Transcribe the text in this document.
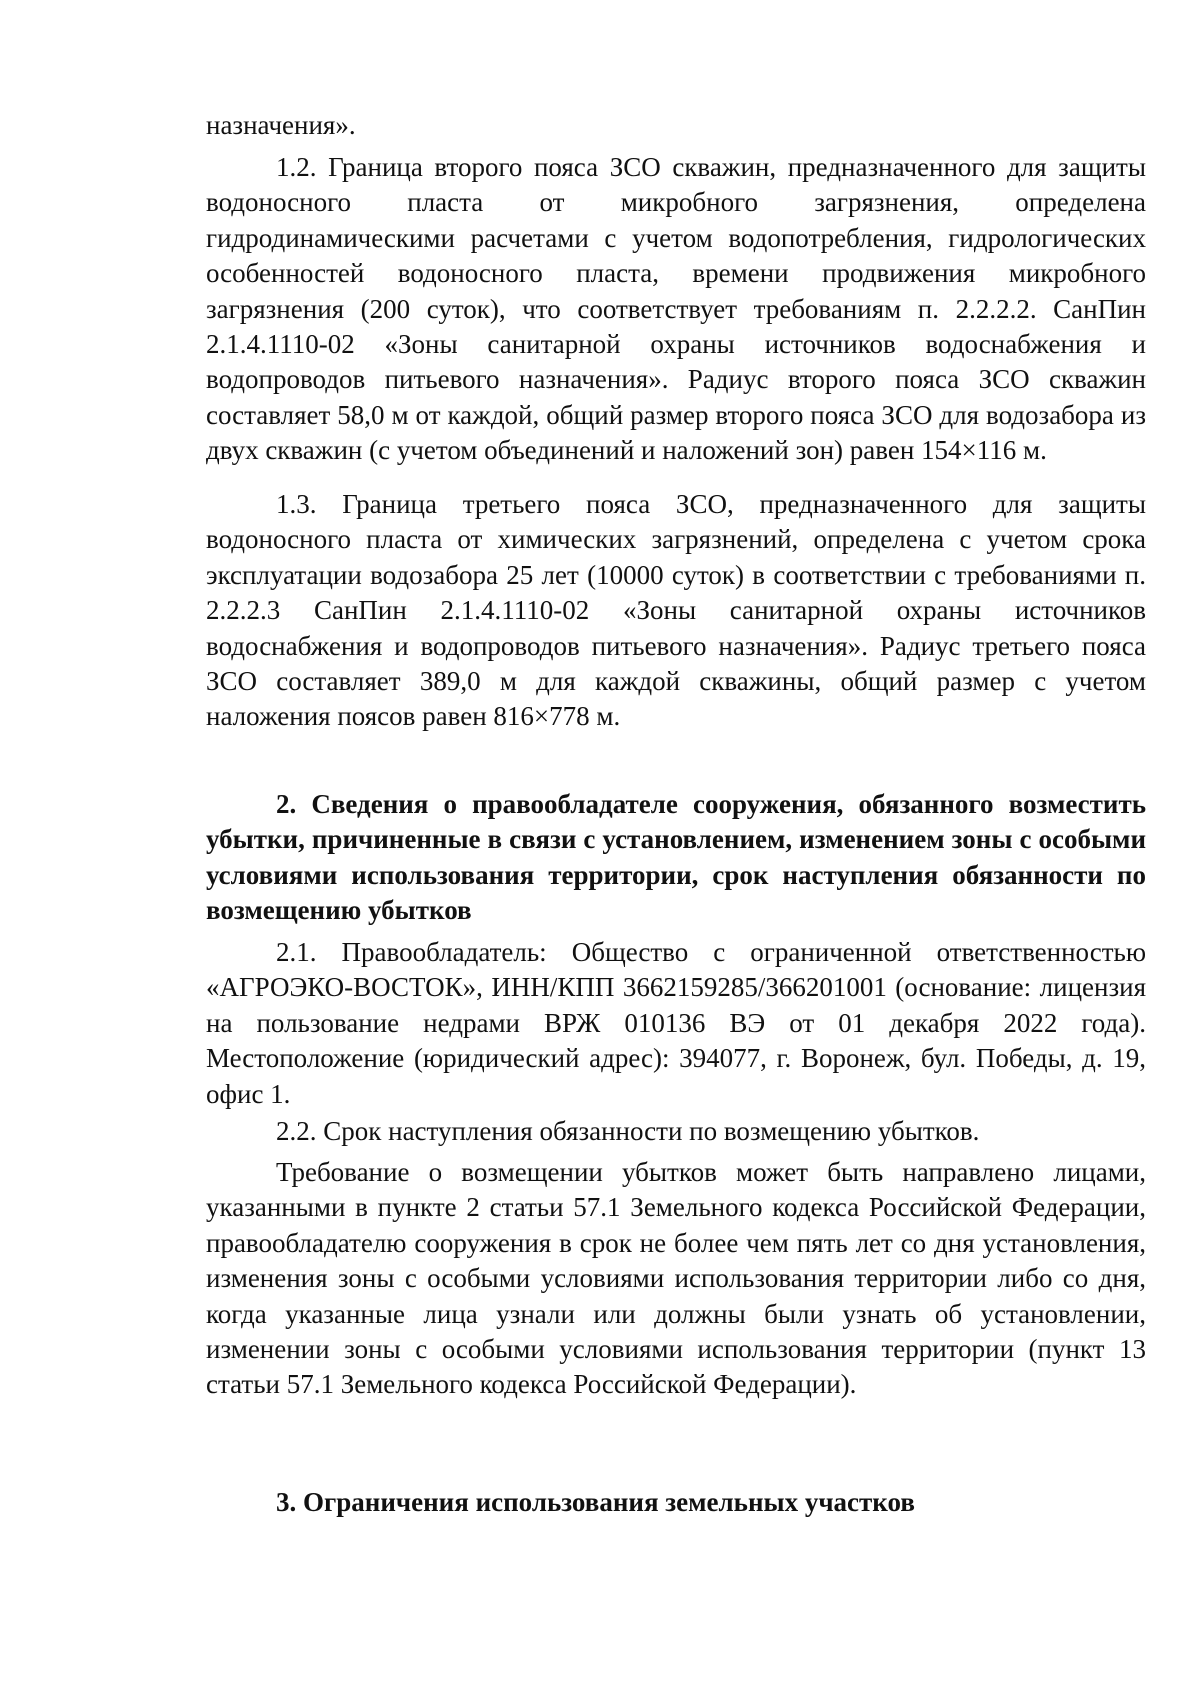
назначения».

1.2. Граница второго пояса ЗСО скважин, предназначенного для защиты водоносного пласта от микробного загрязнения, определена гидродинамическими расчетами с учетом водопотребления, гидрологических особенностей водоносного пласта, времени продвижения микробного загрязнения (200 суток), что соответствует требованиям п. 2.2.2.2. СанПин 2.1.4.1110-02 «Зоны санитарной охраны источников водоснабжения и водопроводов питьевого назначения». Радиус второго пояса ЗСО скважин составляет 58,0 м от каждой, общий размер второго пояса ЗСО для водозабора из двух скважин (с учетом объединений и наложений зон) равен 154×116 м.

1.3. Граница третьего пояса ЗСО, предназначенного для защиты водоносного пласта от химических загрязнений, определена с учетом срока эксплуатации водозабора 25 лет (10000 суток) в соответствии с требованиями п. 2.2.2.3 СанПин 2.1.4.1110-02 «Зоны санитарной охраны источников водоснабжения и водопроводов питьевого назначения». Радиус третьего пояса ЗСО составляет 389,0 м для каждой скважины, общий размер с учетом наложения поясов равен 816×778 м.

2. Сведения о правообладателе сооружения, обязанного возместить убытки, причиненные в связи с установлением, изменением зоны с особыми условиями использования территории, срок наступления обязанности по возмещению убытков

2.1. Правообладатель: Общество с ограниченной ответственностью «АГРОЭКО-ВОСТОК», ИНН/КПП 3662159285/366201001 (основание: лицензия на пользование недрами ВРЖ 010136 ВЭ от 01 декабря 2022 года). Местоположение (юридический адрес): 394077, г. Воронеж, бул. Победы, д. 19, офис 1.

2.2. Срок наступления обязанности по возмещению убытков.

Требование о возмещении убытков может быть направлено лицами, указанными в пункте 2 статьи 57.1 Земельного кодекса Российской Федерации, правообладателю сооружения в срок не более чем пять лет со дня установления, изменения зоны с особыми условиями использования территории либо со дня, когда указанные лица узнали или должны были узнать об установлении, изменении зоны с особыми условиями использования территории (пункт 13 статьи 57.1 Земельного кодекса Российской Федерации).

3. Ограничения использования земельных участков
